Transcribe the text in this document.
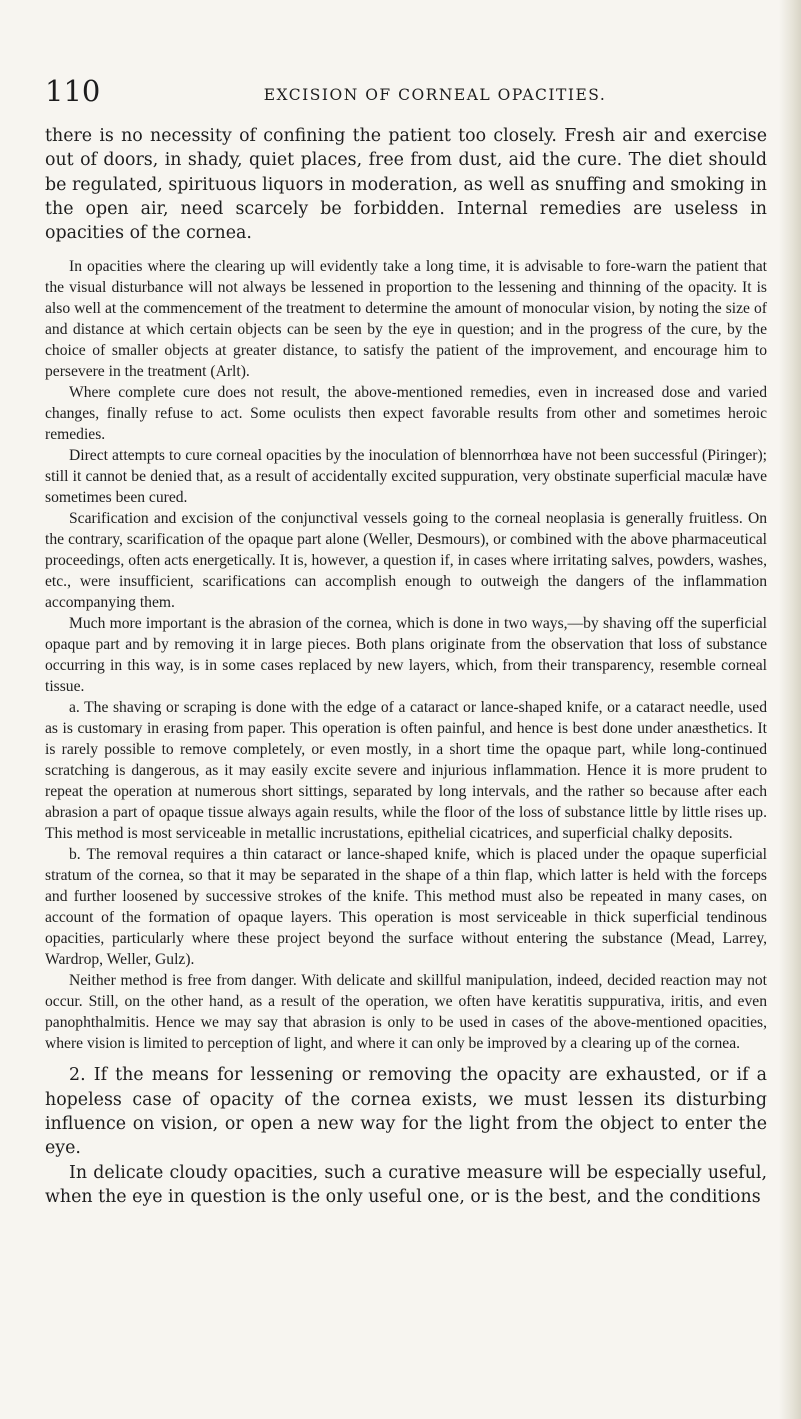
110	EXCISION OF CORNEAL OPACITIES.

there is no necessity of confining the patient too closely. Fresh air and exercise out of doors, in shady, quiet places, free from dust, aid the cure. The diet should be regulated, spirituous liquors in moderation, as well as snuffing and smoking in the open air, need scarcely be forbidden. Internal remedies are useless in opacities of the cornea.

In opacities where the clearing up will evidently take a long time, it is advisable to fore-warn the patient that the visual disturbance will not always be lessened in proportion to the lessening and thinning of the opacity. It is also well at the commencement of the treatment to determine the amount of monocular vision, by noting the size of and distance at which certain objects can be seen by the eye in question; and in the progress of the cure, by the choice of smaller objects at greater distance, to satisfy the patient of the improvement, and encourage him to persevere in the treatment (Arlt).

Where complete cure does not result, the above-mentioned remedies, even in increased dose and varied changes, finally refuse to act. Some oculists then expect favorable results from other and sometimes heroic remedies.

Direct attempts to cure corneal opacities by the inoculation of blennorrhœa have not been successful (Piringer); still it cannot be denied that, as a result of accidentally excited suppuration, very obstinate superficial maculæ have sometimes been cured.

Scarification and excision of the conjunctival vessels going to the corneal neoplasia is generally fruitless. On the contrary, scarification of the opaque part alone (Weller, Desmours), or combined with the above pharmaceutical proceedings, often acts energetically. It is, however, a question if, in cases where irritating salves, powders, washes, etc., were insufficient, scarifications can accomplish enough to outweigh the dangers of the inflammation accompanying them.

Much more important is the abrasion of the cornea, which is done in two ways,—by shaving off the superficial opaque part and by removing it in large pieces. Both plans originate from the observation that loss of substance occurring in this way, is in some cases replaced by new layers, which, from their transparency, resemble corneal tissue.

a. The shaving or scraping is done with the edge of a cataract or lance-shaped knife, or a cataract needle, used as is customary in erasing from paper. This operation is often painful, and hence is best done under anæsthetics. It is rarely possible to remove completely, or even mostly, in a short time the opaque part, while long-continued scratching is dangerous, as it may easily excite severe and injurious inflammation. Hence it is more prudent to repeat the operation at numerous short sittings, separated by long intervals, and the rather so because after each abrasion a part of opaque tissue always again results, while the floor of the loss of substance little by little rises up. This method is most serviceable in metallic incrustations, epithelial cicatrices, and superficial chalky deposits.

b. The removal requires a thin cataract or lance-shaped knife, which is placed under the opaque superficial stratum of the cornea, so that it may be separated in the shape of a thin flap, which latter is held with the forceps and further loosened by successive strokes of the knife. This method must also be repeated in many cases, on account of the formation of opaque layers. This operation is most serviceable in thick superficial tendinous opacities, particularly where these project beyond the surface without entering the substance (Mead, Larrey, Wardrop, Weller, Gulz).

Neither method is free from danger. With delicate and skillful manipulation, indeed, decided reaction may not occur. Still, on the other hand, as a result of the operation, we often have keratitis suppurativa, iritis, and even panophthalmitis. Hence we may say that abrasion is only to be used in cases of the above-mentioned opacities, where vision is limited to perception of light, and where it can only be improved by a clearing up of the cornea.

2. If the means for lessening or removing the opacity are exhausted, or if a hopeless case of opacity of the cornea exists, we must lessen its disturbing influence on vision, or open a new way for the light from the object to enter the eye.

In delicate cloudy opacities, such a curative measure will be especially useful, when the eye in question is the only useful one, or is the best, and the conditions
